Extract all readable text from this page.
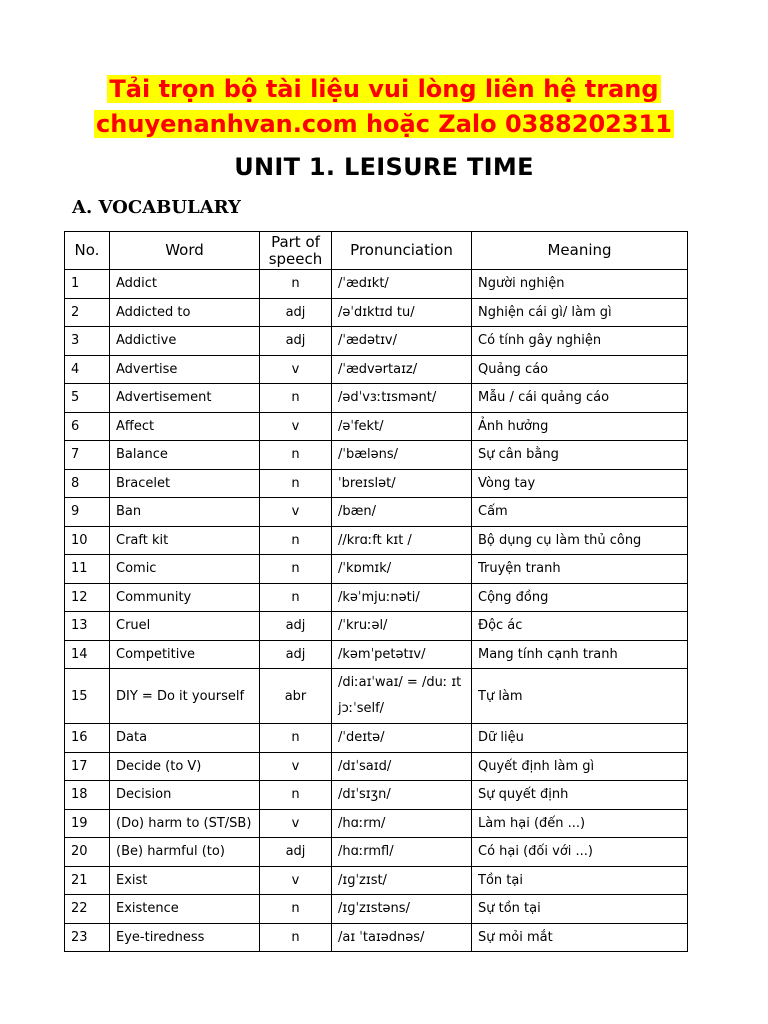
Tải trọn bộ tài liệu vui lòng liên hệ trang
chuyenanhvan.com hoặc Zalo 0388202311
UNIT 1. LEISURE TIME
A. VOCABULARY
No.	Word	Part of speech	Pronunciation	Meaning
1	Addict	n	/ˈædɪkt/	Người nghiện
2	Addicted to	adj	/əˈdɪktɪd tu/	Nghiện cái gì/ làm gì
3	Addictive	adj	/ˈædətɪv/	Có tính gây nghiện
4	Advertise	v	/ˈædvərtaɪz/	Quảng cáo
5	Advertisement	n	/ədˈvɜːtɪsmənt/	Mẫu / cái quảng cáo
6	Affect	v	/əˈfekt/	Ảnh hưởng
7	Balance	n	/ˈbæləns/	Sự cân bằng
8	Bracelet	n	ˈbreɪslət/	Vòng tay
9	Ban	v	/bæn/	Cấm
10	Craft kit	n	//krɑːft kɪt /	Bộ dụng cụ làm thủ công
11	Comic	n	/ˈkɒmɪk/	Truyện tranh
12	Community	n	/kəˈmjuːnəti/	Cộng đồng
13	Cruel	adj	/ˈkruːəl/	Độc ác
14	Competitive	adj	/kəmˈpetətɪv/	Mang tính cạnh tranh
15	DIY = Do it yourself	abr	/diːaɪˈwaɪ/ = /duː ɪt jɔːˈself/	Tự làm
16	Data	n	/ˈdeɪtə/	Dữ liệu
17	Decide (to V)	v	/dɪˈsaɪd/	Quyết định làm gì
18	Decision	n	/dɪˈsɪʒn/	Sự quyết định
19	(Do) harm to (ST/SB)	v	/hɑːrm/	Làm hại (đến ...)
20	(Be) harmful (to)	adj	/hɑːrmfl/	Có hại (đối với ...)
21	Exist	v	/ɪɡˈzɪst/	Tồn tại
22	Existence	n	/ɪɡˈzɪstəns/	Sự tồn tại
23	Eye-tiredness	n	/aɪ ˈtaɪədnəs/	Sự mỏi mắt
